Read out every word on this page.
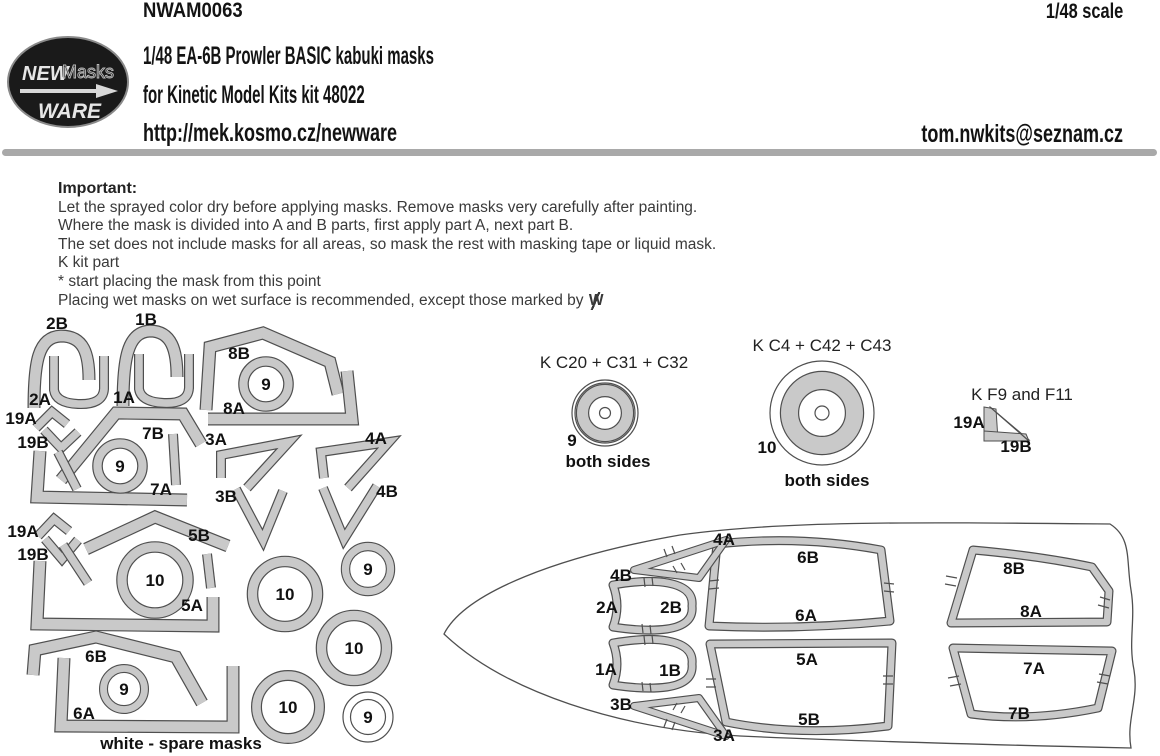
NEW
Masks
WARE
NWAM0063	1/48 scale
1/48 EA-6B Prowler BASIC kabuki masks
for Kinetic Model Kits kit 48022
http://mek.kosmo.cz/newware	tom.nwkits@seznam.cz
Important:
Let the sprayed color dry before applying masks. Remove masks very carefully after painting.
Where the mask is divided into A and B parts, first apply part A, next part B.
The set does not include masks for all areas, so mask the rest with masking tape or liquid mask.
K kit part
* start placing the mask from this point
Placing wet masks on wet surface is recommended, except those marked by W
2B	1B
8B
2A	1A
8A
19A
19B	7B
7A
3A
3B
4A
4B
19A
19B
5B
5A
6B
6A
9
9
10
9
10
9
10
10
9
white - spare masks
K C20 + C31 + C32
9
both sides
K C4 + C42 + C43
10
both sides
K F9 and F11
19A
19B
4A
6B
8B
4B
2A 2B	6A	8A
5A
1A 1B	7A
3B
5B	7B
3A
